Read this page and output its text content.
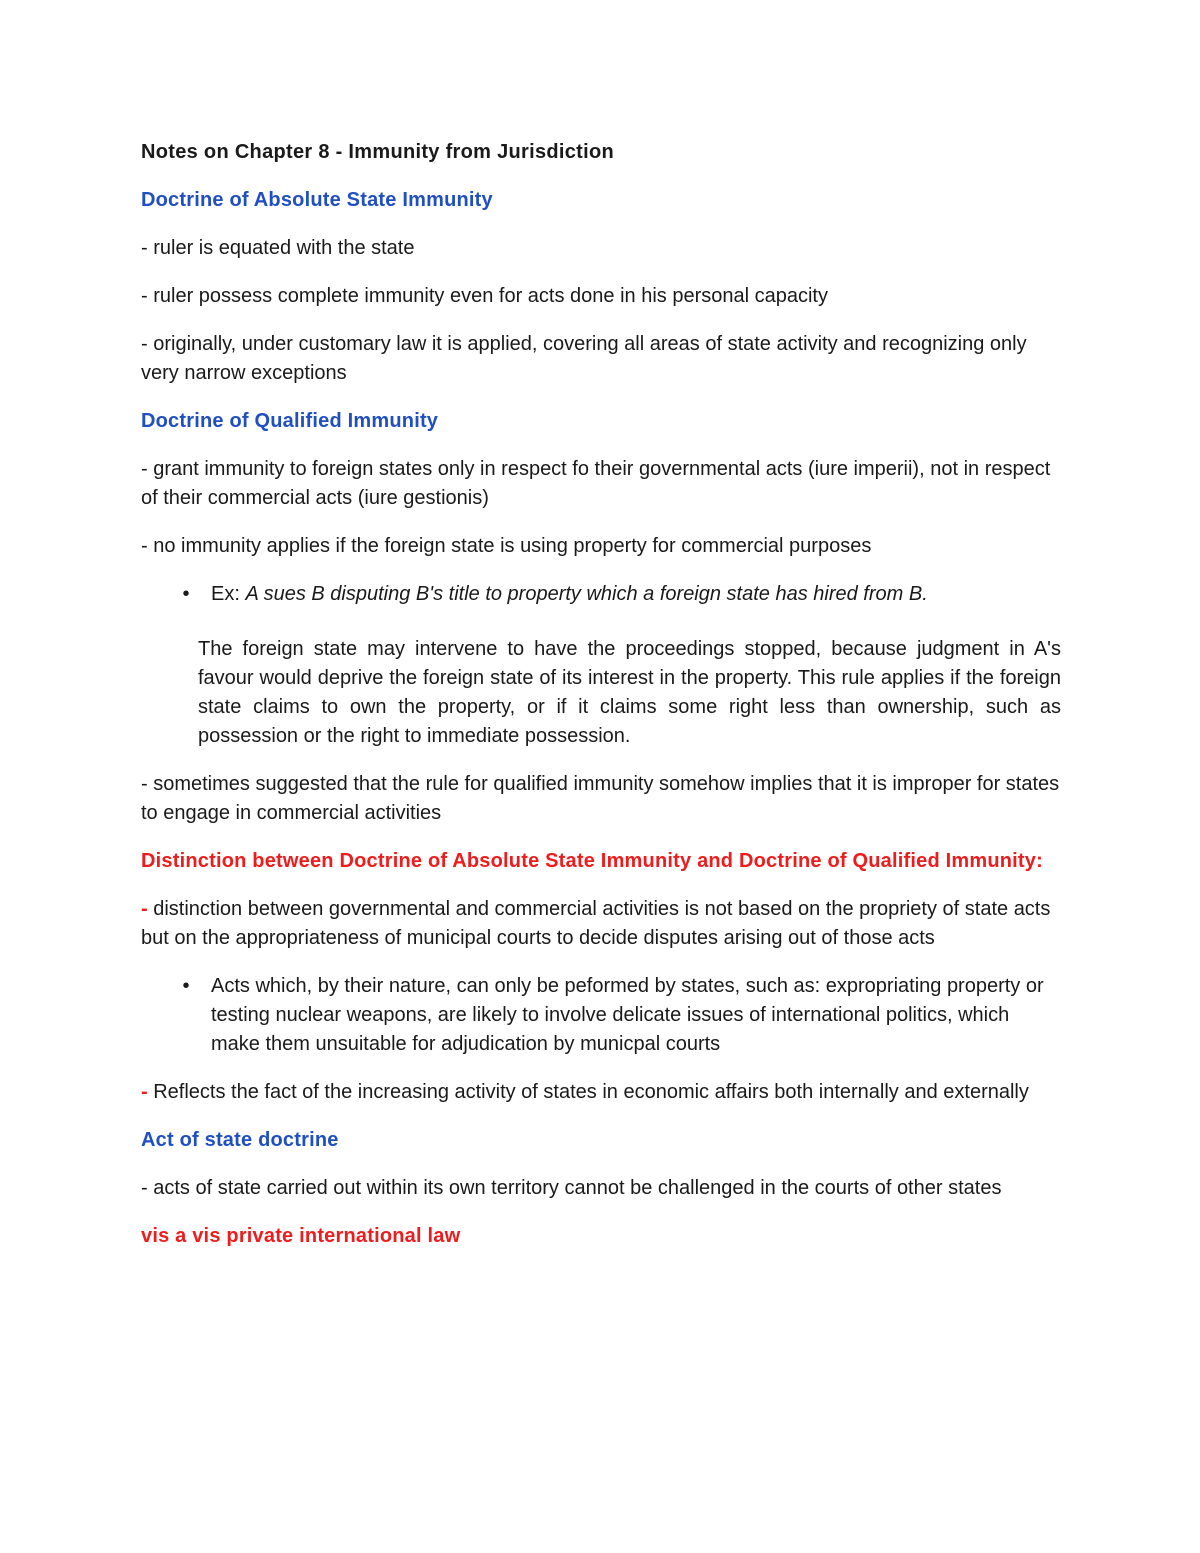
Notes on Chapter 8 - Immunity from Jurisdiction

Doctrine of Absolute State Immunity

- ruler is equated with the state

- ruler possess complete immunity even for acts done in his personal capacity

- originally, under customary law it is applied, covering all areas of state activity and recognizing only very narrow exceptions

Doctrine of Qualified Immunity

- grant immunity to foreign states only in respect fo their governmental acts (iure imperii), not in respect of their commercial acts (iure gestionis)

- no immunity applies if the foreign state is using property for commercial purposes

•	Ex: A sues B disputing B's title to property which a foreign state has hired from B.

The foreign state may intervene to have the proceedings stopped, because judgment in A's favour would deprive the foreign state of its interest in the property. This rule applies if the foreign state claims to own the property, or if it claims some right less than ownership, such as possession or the right to immediate possession.

- sometimes suggested that the rule for qualified immunity somehow implies that it is improper for states to engage in commercial activities

Distinction between Doctrine of Absolute State Immunity and Doctrine of Qualified Immunity:

- distinction between governmental and commercial activities is not based on the propriety of state acts but on the appropriateness of municipal courts to decide disputes arising out of those acts

•	Acts which, by their nature, can only be peformed by states, such as: expropriating property or testing nuclear weapons, are likely to involve delicate issues of international politics, which make them unsuitable for adjudication by municpal courts

- Reflects the fact of the increasing activity of states in economic affairs both internally and externally

Act of state doctrine

- acts of state carried out within its own territory cannot be challenged in the courts of other states

vis a vis private international law
